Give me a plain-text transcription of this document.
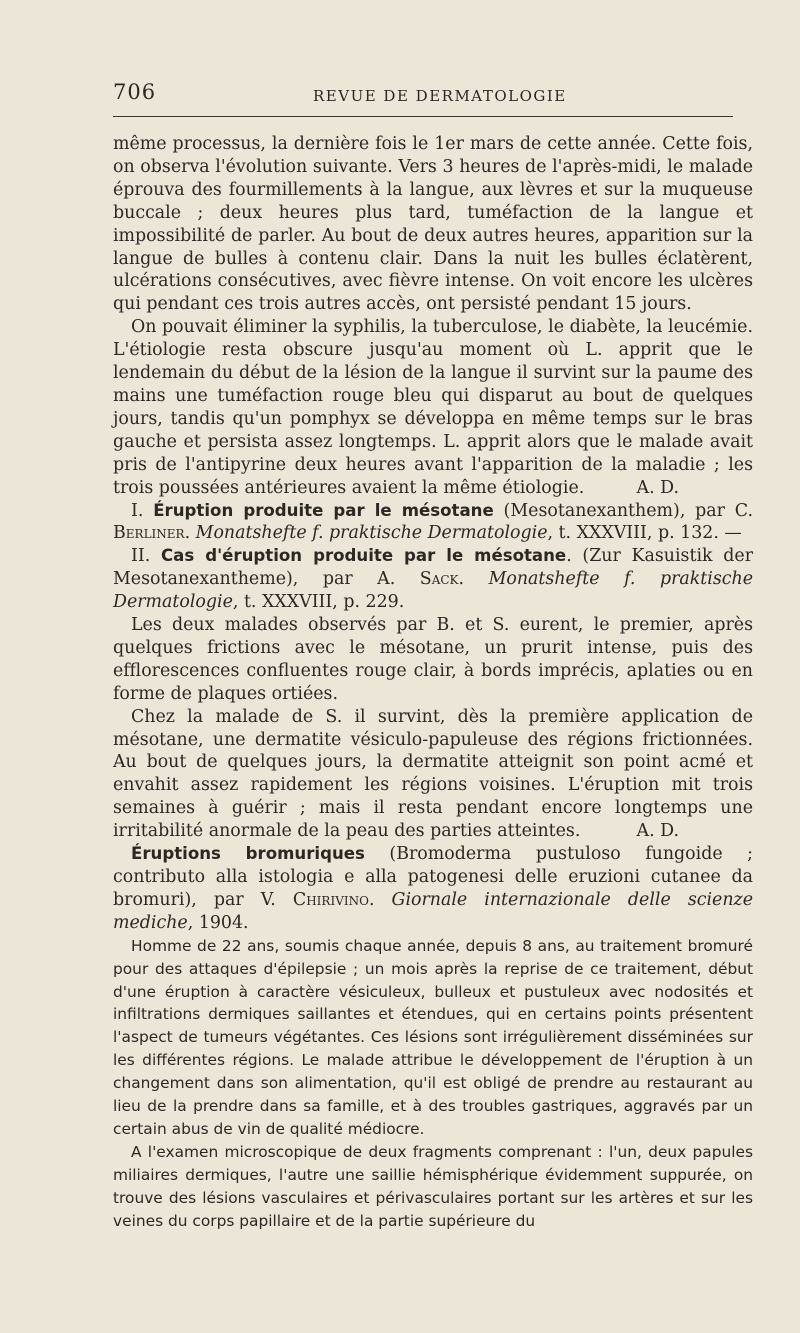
706	REVUE DE DERMATOLOGIE

même processus, la dernière fois le 1er mars de cette année. Cette fois, on observa l'évolution suivante. Vers 3 heures de l'après-midi, le malade éprouva des fourmillements à la langue, aux lèvres et sur la muqueuse buccale ; deux heures plus tard, tuméfaction de la langue et impossibilité de parler. Au bout de deux autres heures, apparition sur la langue de bulles à contenu clair. Dans la nuit les bulles éclatèrent, ulcérations consécutives, avec fièvre intense. On voit encore les ulcères qui pendant ces trois autres accès, ont persisté pendant 15 jours.

On pouvait éliminer la syphilis, la tuberculose, le diabète, la leucémie. L'étiologie resta obscure jusqu'au moment où L. apprit que le lendemain du début de la lésion de la langue il survint sur la paume des mains une tuméfaction rouge bleu qui disparut au bout de quelques jours, tandis qu'un pomphyx se développa en même temps sur le bras gauche et persista assez longtemps. L. apprit alors que le malade avait pris de l'antipyrine deux heures avant l'apparition de la maladie ; les trois poussées antérieures avaient la même étiologie.	A. D.

I. Éruption produite par le mésotane (Mesotanexanthem), par C. Berliner. Monatshefte f. praktische Dermatologie, t. XXXVIII, p. 132. —

II. Cas d'éruption produite par le mésotane. (Zur Kasuistik der Mesotanexantheme), par A. Sack. Monatshefte f. praktische Dermatologie, t. XXXVIII, p. 229.

Les deux malades observés par B. et S. eurent, le premier, après quelques frictions avec le mésotane, un prurit intense, puis des efflorescences confluentes rouge clair, à bords imprécis, aplaties ou en forme de plaques ortiées.

Chez la malade de S. il survint, dès la première application de mésotane, une dermatite vésiculo-papuleuse des régions frictionnées. Au bout de quelques jours, la dermatite atteignit son point acmé et envahit assez rapidement les régions voisines. L'éruption mit trois semaines à guérir ; mais il resta pendant encore longtemps une irritabilité anormale de la peau des parties atteintes.	A. D.

Éruptions bromuriques (Bromoderma pustuloso fungoide ; contributo alla istologia e alla patogenesi delle eruzioni cutanee da bromuri), par V. Chirivino. Giornale internazionale delle scienze mediche, 1904.

Homme de 22 ans, soumis chaque année, depuis 8 ans, au traitement bromuré pour des attaques d'épilepsie ; un mois après la reprise de ce traitement, début d'une éruption à caractère vésiculeux, bulleux et pustuleux avec nodosités et infiltrations dermiques saillantes et étendues, qui en certains points présentent l'aspect de tumeurs végétantes. Ces lésions sont irrégulièrement disséminées sur les différentes régions. Le malade attribue le développement de l'éruption à un changement dans son alimentation, qu'il est obligé de prendre au restaurant au lieu de la prendre dans sa famille, et à des troubles gastriques, aggravés par un certain abus de vin de qualité médiocre.

A l'examen microscopique de deux fragments comprenant : l'un, deux papules miliaires dermiques, l'autre une saillie hémisphérique évidemment suppurée, on trouve des lésions vasculaires et périvasculaires portant sur les artères et sur les veines du corps papillaire et de la partie supérieure du
